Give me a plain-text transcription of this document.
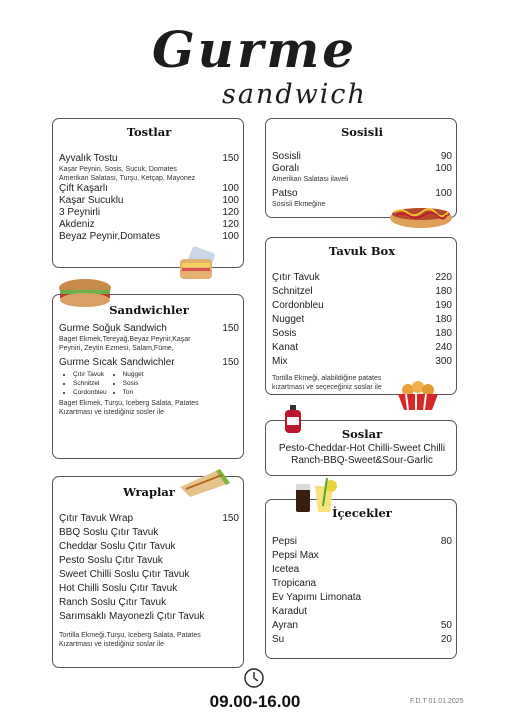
Gurme
sandwich
Tostlar
Ayvalık Tostu	150
Kaşar Peyniri, Sosis, Sucuk, Domates Amerikan Salatası, Turşu, Ketçap, Mayonez
Çift Kaşarlı	100
Kaşar Sucuklu	100
3 Peynirli	120
Akdeniz	120
Beyaz Peynir,Domates	100
Sosisli
Sosisli	90
Goralı	100
Amerikan Salatası ilaveli
Patso	100
Sosisli Ekmeğine
Tavuk Box
Çıtır Tavuk	220
Schnitzel	180
Cordonbleu	190
Nugget	180
Sosis	180
Kanat	240
Mix	300
Tortilla Ekmeği, alabildiğine patates kızartması ve seçeceğiniz soslar ile
Sandwichler
Gurme Soğuk Sandwich	150
Baget Ekmek,Tereyağ,Beyaz Peynir,Kaşar Peyniri, Zeytin Ezmesi, Salam,Füme,
Gurme Sıcak Sandwichler	150
• Çıtır Tavuk
• Schnitzel
• Cordonbleu
• Nugget
• Sosis
• Ton
Baget Ekmek, Turşu, Iceberg Salata, Patates Kızartması ve istediğiniz sosler ile
Soslar
Pesto-Cheddar-Hot Chilli-Sweet Chilli
Ranch-BBQ-Sweet&Sour-Garlic
Wraplar
Çıtır Tavuk Wrap	150
BBQ Soslu Çıtır Tavuk
Cheddar Soslu Çıtır Tavuk
Pesto Soslu Çıtır Tavuk
Sweet Chilli Soslu Çıtır Tavuk
Hot Chilli Soslu Çıtır Tavuk
Ranch Soslu Çıtır Tavuk
Sarımsaklı Mayonezli Çıtır Tavuk
Tortilla Ekmeği,Turşu, Iceberg Salata, Patates Kızartması ve istediğiniz soslar ile
İçecekler
Pepsi	80
Pepsi Max
Icetea
Tropicana
Ev Yapımı Limonata
Karadut
Ayran	50
Su	20
09.00-16.00	F.D.T 01.01.2025
